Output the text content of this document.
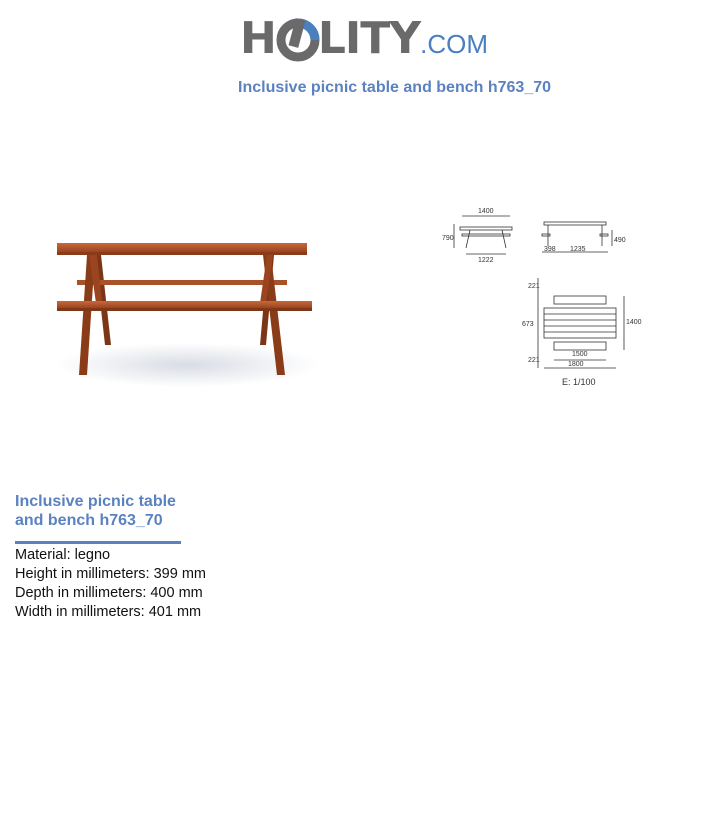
H LITY.COM
Inclusive picnic table and bench h763_70
1400
790
1222
490
398 1235
221
673
221
1400
1500
1800
E: 1/100
Inclusive picnic table
and bench h763_70
Material: legno
Height in millimeters: 399 mm
Depth in millimeters: 400 mm
Width in millimeters: 401 mm
